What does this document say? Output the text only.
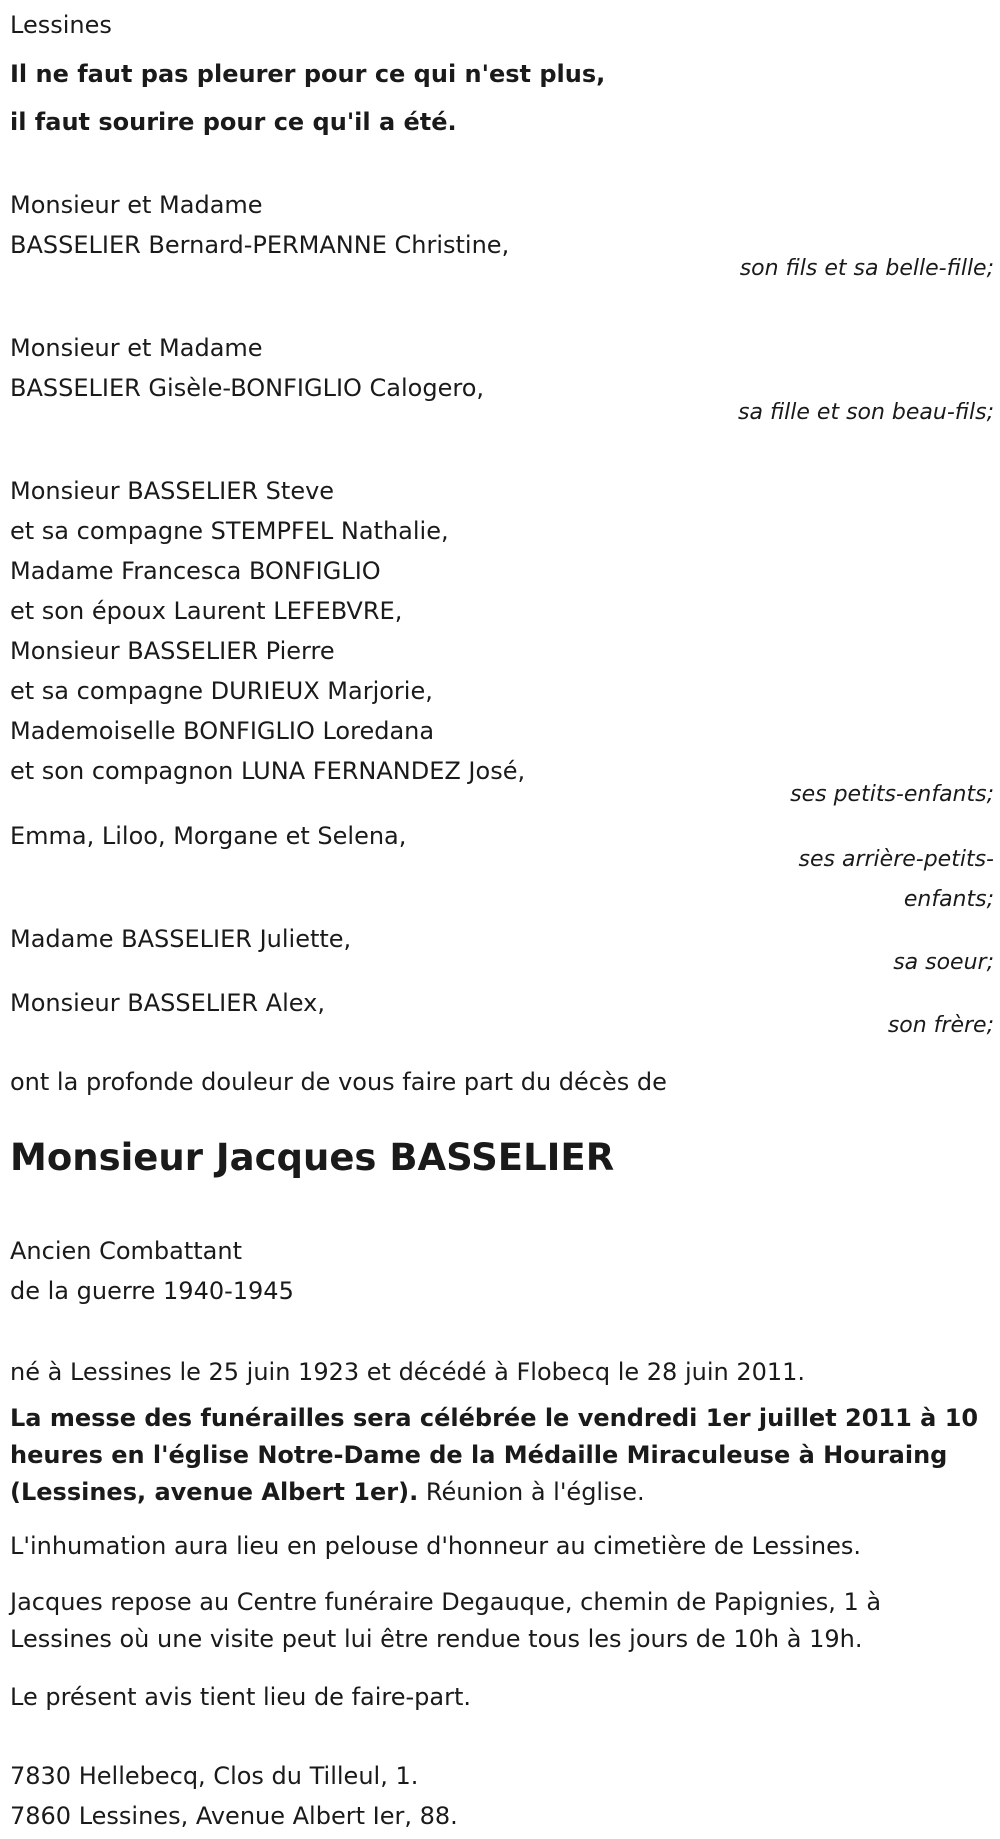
Lessines
Il ne faut pas pleurer pour ce qui n'est plus,
il faut sourire pour ce qu'il a été.
Monsieur et Madame
BASSELIER Bernard-PERMANNE Christine,
son fils et sa belle-fille;
Monsieur et Madame
BASSELIER Gisèle-BONFIGLIO Calogero,
sa fille et son beau-fils;
Monsieur BASSELIER Steve
et sa compagne STEMPFEL Nathalie,
Madame Francesca BONFIGLIO
et son époux Laurent LEFEBVRE,
Monsieur BASSELIER Pierre
et sa compagne DURIEUX Marjorie,
Mademoiselle BONFIGLIO Loredana
et son compagnon LUNA FERNANDEZ José,
ses petits-enfants;
Emma, Liloo, Morgane et Selena,
ses arrière-petits-enfants;
Madame BASSELIER Juliette,
sa soeur;
Monsieur BASSELIER Alex,
son frère;
ont la profonde douleur de vous faire part du décès de
Monsieur Jacques BASSELIER
Ancien Combattant
de la guerre 1940-1945
né à Lessines le 25 juin 1923 et décédé à Flobecq le 28 juin 2011.
La messe des funérailles sera célébrée le vendredi 1er juillet 2011 à 10 heures en l'église Notre-Dame de la Médaille Miraculeuse à Houraing (Lessines, avenue Albert 1er). Réunion à l'église.
L'inhumation aura lieu en pelouse d'honneur au cimetière de Lessines.
Jacques repose au Centre funéraire Degauque, chemin de Papignies, 1 à Lessines où une visite peut lui être rendue tous les jours de 10h à 19h.
Le présent avis tient lieu de faire-part.
7830 Hellebecq, Clos du Tilleul, 1.
7860 Lessines, Avenue Albert Ier, 88.
